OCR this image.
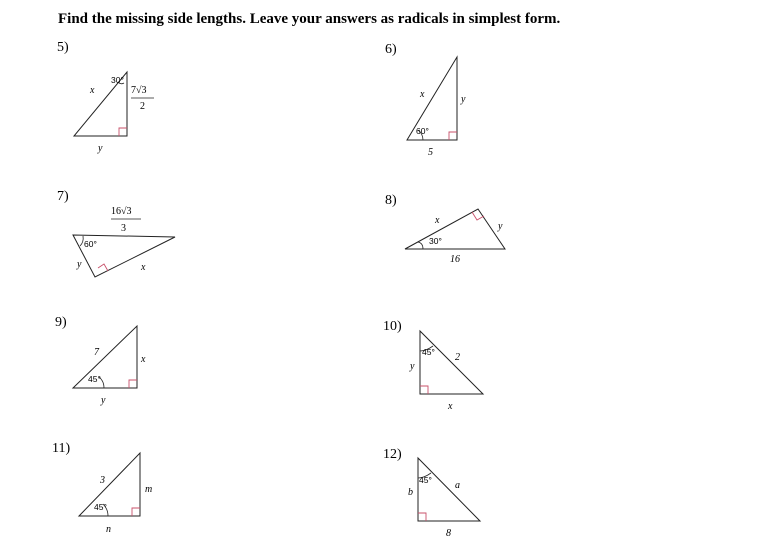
Find the missing side lengths. Leave your answers as radicals in simplest form.
5)
30°
x
y
7√3
2
6)
60°
x	y
5
7)
60°
16√3
3
y	x
8)
30°
x
y
16
9)
45°
7
x
y
10)
45°
y
2
x
11)
45°
3
m
n
12)
45°
b
a
8
